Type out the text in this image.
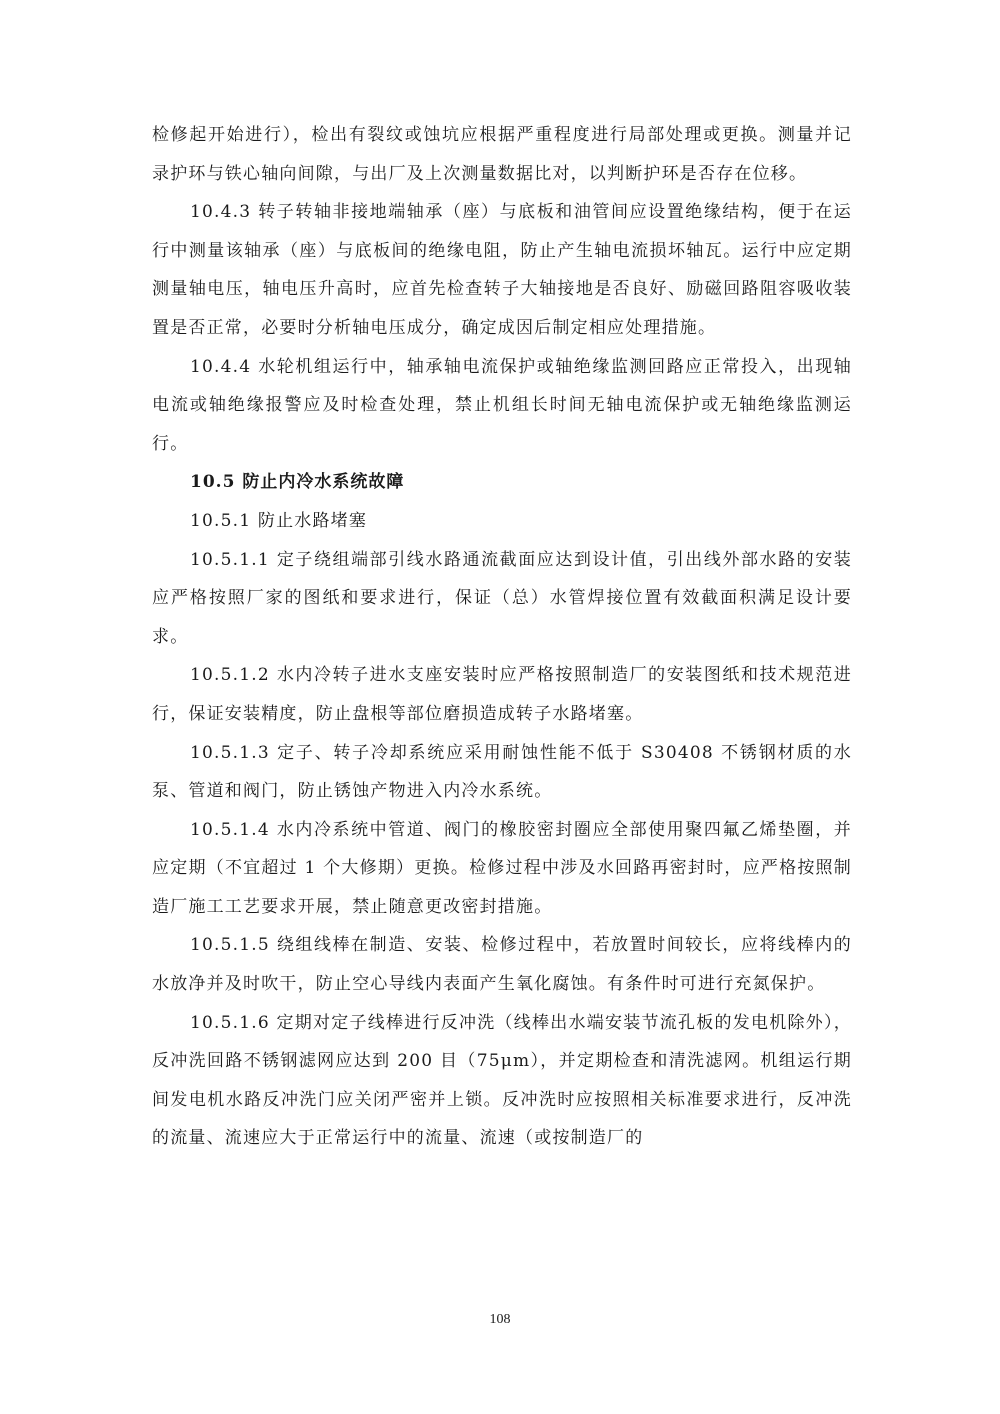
检修起开始进行），检出有裂纹或蚀坑应根据严重程度进行局部处理或更换。测量并记录护环与铁心轴向间隙，与出厂及上次测量数据比对，以判断护环是否存在位移。

10.4.3 转子转轴非接地端轴承（座）与底板和油管间应设置绝缘结构，便于在运行中测量该轴承（座）与底板间的绝缘电阻，防止产生轴电流损坏轴瓦。运行中应定期测量轴电压，轴电压升高时，应首先检查转子大轴接地是否良好、励磁回路阻容吸收装置是否正常，必要时分析轴电压成分，确定成因后制定相应处理措施。

10.4.4 水轮机组运行中，轴承轴电流保护或轴绝缘监测回路应正常投入，出现轴电流或轴绝缘报警应及时检查处理，禁止机组长时间无轴电流保护或无轴绝缘监测运行。

10.5 防止内冷水系统故障

10.5.1 防止水路堵塞

10.5.1.1 定子绕组端部引线水路通流截面应达到设计值，引出线外部水路的安装应严格按照厂家的图纸和要求进行，保证（总）水管焊接位置有效截面积满足设计要求。

10.5.1.2 水内冷转子进水支座安装时应严格按照制造厂的安装图纸和技术规范进行，保证安装精度，防止盘根等部位磨损造成转子水路堵塞。

10.5.1.3 定子、转子冷却系统应采用耐蚀性能不低于 S30408 不锈钢材质的水泵、管道和阀门，防止锈蚀产物进入内冷水系统。

10.5.1.4 水内冷系统中管道、阀门的橡胶密封圈应全部使用聚四氟乙烯垫圈，并应定期（不宜超过 1 个大修期）更换。检修过程中涉及水回路再密封时，应严格按照制造厂施工工艺要求开展，禁止随意更改密封措施。

10.5.1.5 绕组线棒在制造、安装、检修过程中，若放置时间较长，应将线棒内的水放净并及时吹干，防止空心导线内表面产生氧化腐蚀。有条件时可进行充氮保护。

10.5.1.6 定期对定子线棒进行反冲洗（线棒出水端安装节流孔板的发电机除外），反冲洗回路不锈钢滤网应达到 200 目（75μm），并定期检查和清洗滤网。机组运行期间发电机水路反冲洗门应关闭严密并上锁。反冲洗时应按照相关标准要求进行，反冲洗的流量、流速应大于正常运行中的流量、流速（或按制造厂的

108
